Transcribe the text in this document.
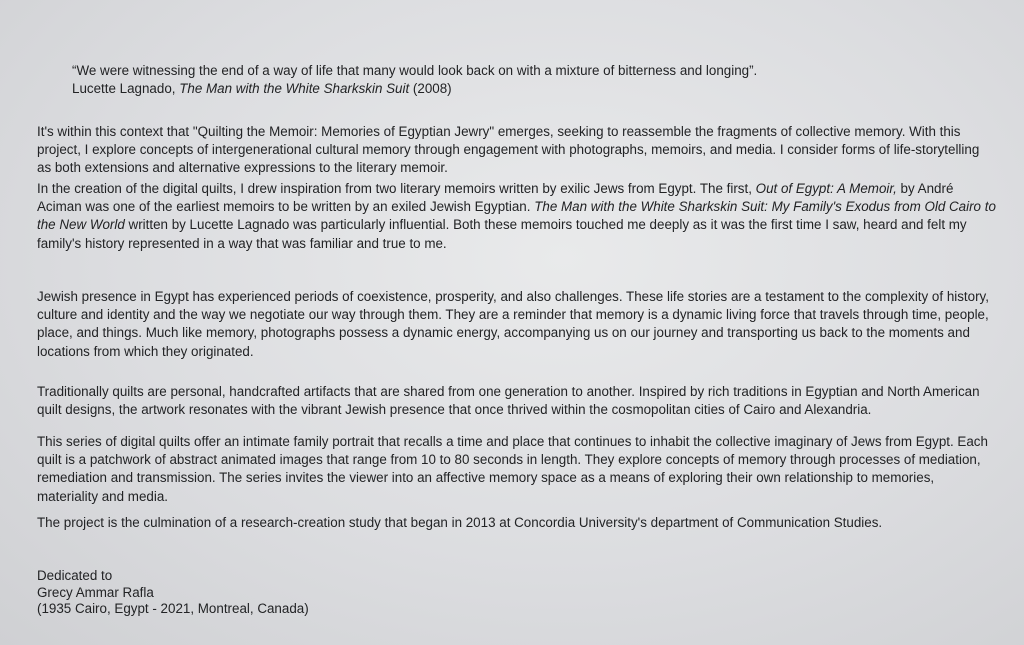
“We were witnessing the end of a way of life that many would look back on with a mixture of bitterness and longing”.
Lucette Lagnado, The Man with the White Sharkskin Suit (2008)

It's within this context that "Quilting the Memoir: Memories of Egyptian Jewry" emerges, seeking to reassemble the fragments of collective memory. With this project, I explore concepts of intergenerational cultural memory through engagement with photographs, memoirs, and media. I consider forms of life-storytelling as both extensions and alternative expressions to the literary memoir.

In the creation of the digital quilts, I drew inspiration from two literary memoirs written by exilic Jews from Egypt. The first, Out of Egypt: A Memoir, by André Aciman was one of the earliest memoirs to be written by an exiled Jewish Egyptian. The Man with the White Sharkskin Suit: My Family's Exodus from Old Cairo to the New World written by Lucette Lagnado was particularly influential. Both these memoirs touched me deeply as it was the first time I saw, heard and felt my family's history represented in a way that was familiar and true to me.

Jewish presence in Egypt has experienced periods of coexistence, prosperity, and also challenges. These life stories are a testament to the complexity of history, culture and identity and the way we negotiate our way through them. They are a reminder that memory is a dynamic living force that travels through time, people, place, and things. Much like memory, photographs possess a dynamic energy, accompanying us on our journey and transporting us back to the moments and locations from which they originated.

Traditionally quilts are personal, handcrafted artifacts that are shared from one generation to another. Inspired by rich traditions in Egyptian and North American quilt designs, the artwork resonates with the vibrant Jewish presence that once thrived within the cosmopolitan cities of Cairo and Alexandria.

This series of digital quilts offer an intimate family portrait that recalls a time and place that continues to inhabit the collective imaginary of Jews from Egypt. Each quilt is a patchwork of abstract animated images that range from 10 to 80 seconds in length. They explore concepts of memory through processes of mediation, remediation and transmission. The series invites the viewer into an affective memory space as a means of exploring their own relationship to memories, materiality and media.

The project is the culmination of a research-creation study that began in 2013 at Concordia University's department of Communication Studies.

Dedicated to
Grecy Ammar Rafla
(1935 Cairo, Egypt - 2021, Montreal, Canada)
